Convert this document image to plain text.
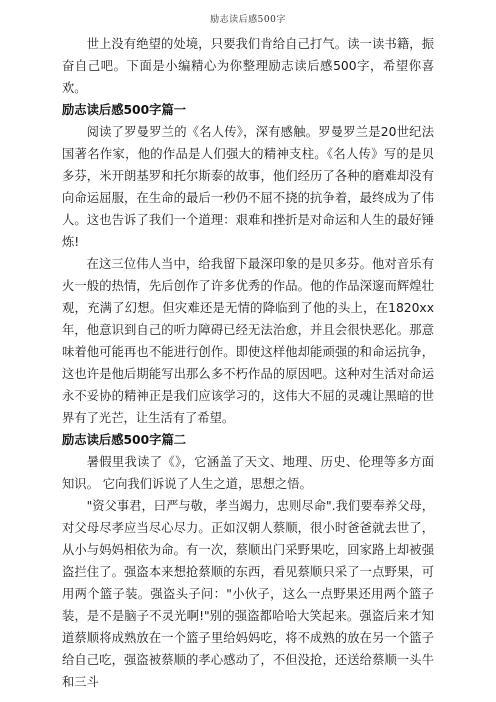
励志读后感500字

世上没有绝望的处境，只要我们肯给自己打气。读一读书籍，振奋自己吧。下面是小编精心为你整理励志读后感500字，希望你喜欢。

励志读后感500字篇一

阅读了罗曼罗兰的《名人传》，深有感触。罗曼罗兰是20世纪法国著名作家，他的作品是人们强大的精神支柱。《名人传》写的是贝多芬，米开朗基罗和托尔斯泰的故事，他们经历了各种的磨难却没有向命运屈服，在生命的最后一秒仍不屈不挠的抗争着，最终成为了伟人。这也告诉了我们一个道理：艰难和挫折是对命运和人生的最好锤炼!

在这三位伟人当中，给我留下最深印象的是贝多芬。他对音乐有火一般的热情，先后创作了许多优秀的作品。他的作品深邃而辉煌壮观，充满了幻想。但灾难还是无情的降临到了他的头上，在1820xx年，他意识到自己的听力障碍已经无法治愈，并且会很快恶化。那意味着他可能再也不能进行创作。即使这样他却能顽强的和命运抗争，这也许是他后期能写出那么多不朽作品的原因吧。这种对生活对命运永不妥协的精神正是我们应该学习的，这伟大不屈的灵魂让黑暗的世界有了光芒，让生活有了希望。

励志读后感500字篇二

暑假里我读了《》，它涵盖了天文、地理、历史、伦理等多方面知识。 它向我们诉说了人生之道，思想之悟。

"资父事君，曰严与敬，孝当竭力，忠则尽命".我们要奉养父母，对父母尽孝应当尽心尽力。正如汉朝人蔡顺，很小时爸爸就去世了，从小与妈妈相依为命。有一次，蔡顺出门采野果吃，回家路上却被强盗拦住了。强盗本来想抢蔡顺的东西，看见蔡顺只采了一点野果，可用两个篮子装。强盗头子问："小伙子，这么一点野果还用两个篮子装，是不是脑子不灵光啊!"别的强盗都哈哈大笑起来。强盗后来才知道蔡顺将成熟放在一个篮子里给妈妈吃，将不成熟的放在另一个篮子给自己吃，强盗被蔡顺的孝心感动了，不但没抢，还送给蔡顺一头牛和三斗
